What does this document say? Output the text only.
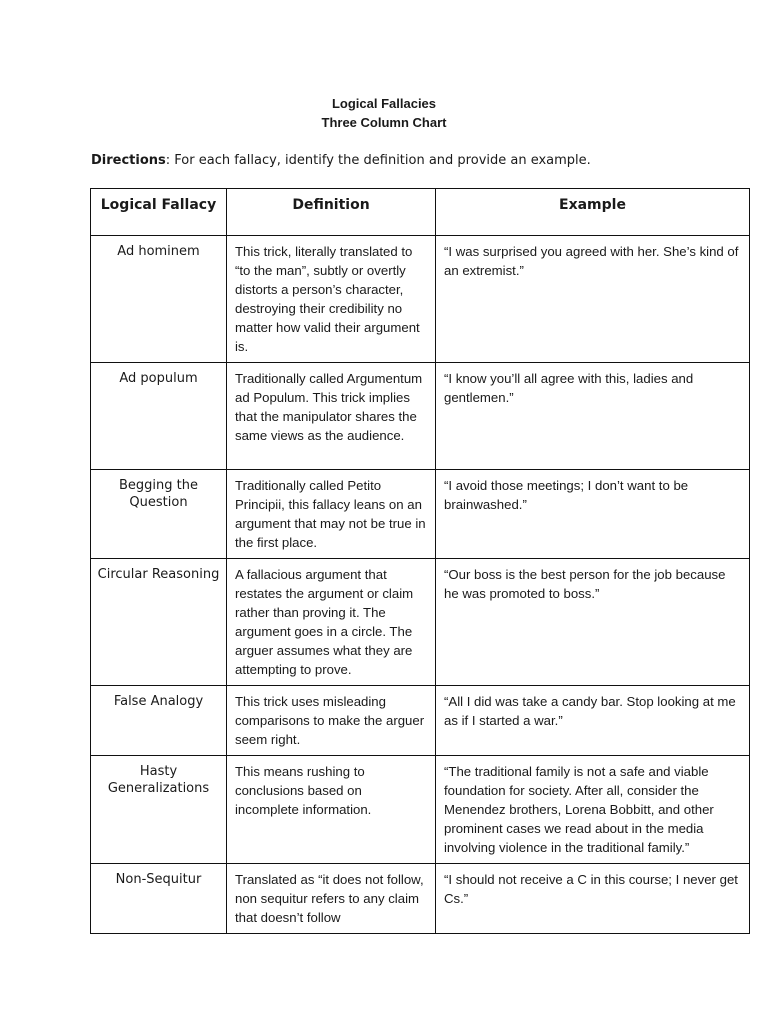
Logical Fallacies
Three Column Chart
Directions: For each fallacy, identify the definition and provide an example.
Logical Fallacy	Definition	Example
Ad hominem	This trick, literally translated to “to the man”, subtly or overtly distorts a person’s character, destroying their credibility no matter how valid their argument is.	“I was surprised you agreed with her. She’s kind of an extremist.”
Ad populum	Traditionally called Argumentum ad Populum. This trick implies that the manipulator shares the same views as the audience.	“I know you’ll all agree with this, ladies and gentlemen.”
Begging the Question	Traditionally called Petito Principii, this fallacy leans on an argument that may not be true in the first place.	“I avoid those meetings; I don’t want to be brainwashed.”
Circular Reasoning	A fallacious argument that restates the argument or claim rather than proving it. The argument goes in a circle. The arguer assumes what they are attempting to prove.	“Our boss is the best person for the job because he was promoted to boss.”
False Analogy	This trick uses misleading comparisons to make the arguer seem right.	“All I did was take a candy bar. Stop looking at me as if I started a war.”
Hasty Generalizations	This means rushing to conclusions based on incomplete information.	“The traditional family is not a safe and viable foundation for society. After all, consider the Menendez brothers, Lorena Bobbitt, and other prominent cases we read about in the media involving violence in the traditional family.”
Non-Sequitur	Translated as “it does not follow, non sequitur refers to any claim that doesn’t follow	“I should not receive a C in this course; I never get Cs.”
